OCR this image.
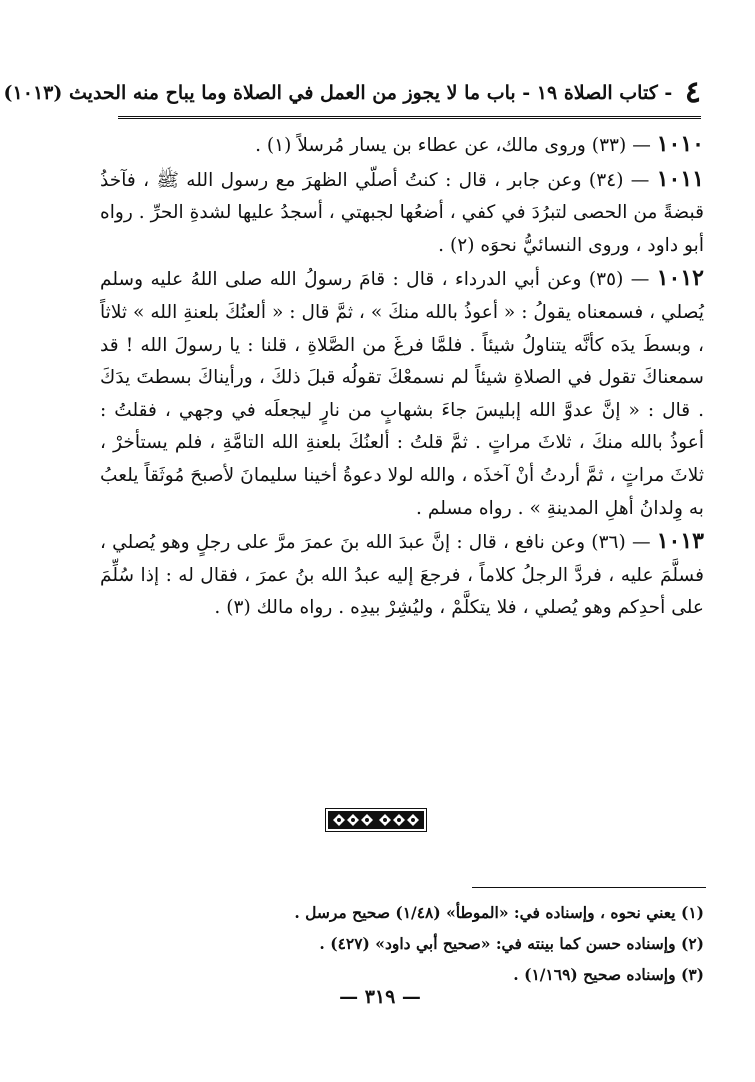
٤ - كتاب الصلاة ١٩ - باب ما لا يجوز من العمل في الصلاة وما يباح منه الحديث (١٠١٣)

١٠١٠ — (٣٣) وروى مالك، عن عطاء بن يسار مُرسلاً (١) .

١٠١١ — (٣٤) وعن جابر ، قال : كنتُ أصلّي الظهرَ مع رسول الله ﷺ ، فآخذُ قبضةً من الحصى لتبرُدَ في كفي ، أضعُها لجبهتي ، أسجدُ عليها لشدةِ الحرِّ . رواه أبو داود ، وروى النسائيُّ نحوَه (٢) .

١٠١٢ — (٣٥) وعن أبي الدرداء ، قال : قامَ رسولُ الله صلى اللهُ عليه وسلم يُصلي ، فسمعناه يقولُ : « أعوذُ بالله منكَ » ، ثمَّ قال : « ألعنُكَ بلعنةِ الله » ثلاثاً ، وبسطَ يدَه كأنَّه يتناولُ شيئاً . فلمَّا فرغَ من الصَّلاةِ ، قلنا : يا رسولَ الله ! قد سمعناكَ تقول في الصلاةِ شيئاً لم نسمعْكَ تقولُه قبلَ ذلكَ ، ورأيناكَ بسطتَ يدَكَ . قال : « إنَّ عدوَّ الله إبليسَ جاءَ بشهابٍ من نارٍ ليجعلَه في وجهي ، فقلتُ : أعوذُ بالله منكَ ، ثلاثَ مراتٍ . ثمَّ قلتُ : ألعنُكَ بلعنةِ الله التامَّةِ ، فلم يستأخرْ ، ثلاثَ مراتٍ ، ثمَّ أردتُ أنْ آخذَه ، والله لولا دعوةُ أخينا سليمانَ لأصبحَ مُوثَقاً يلعبُ به وِلدانُ أهلِ المدينةِ » . رواه مسلم .

١٠١٣ — (٣٦) وعن نافع ، قال : إنَّ عبدَ الله بنَ عمرَ مرَّ على رجلٍ وهو يُصلي ، فسلَّمَ عليه ، فردَّ الرجلُ كلاماً ، فرجعَ إليه عبدُ الله بنُ عمرَ ، فقال له : إذا سُلِّمَ على أحدِكم وهو يُصلي ، فلا يتكلَّمْ ، وليُشِرْ بيدِه . رواه مالك (٣) .

(١) يعني نحوه ، وإسناده في: «الموطأ» (١/٤٨) صحيح مرسل .

(٢) وإسناده حسن كما بينته في: «صحيح أبي داود» (٤٢٧) .

(٣) وإسناده صحيح (١/١٦٩) .

— ٣١٩ —
